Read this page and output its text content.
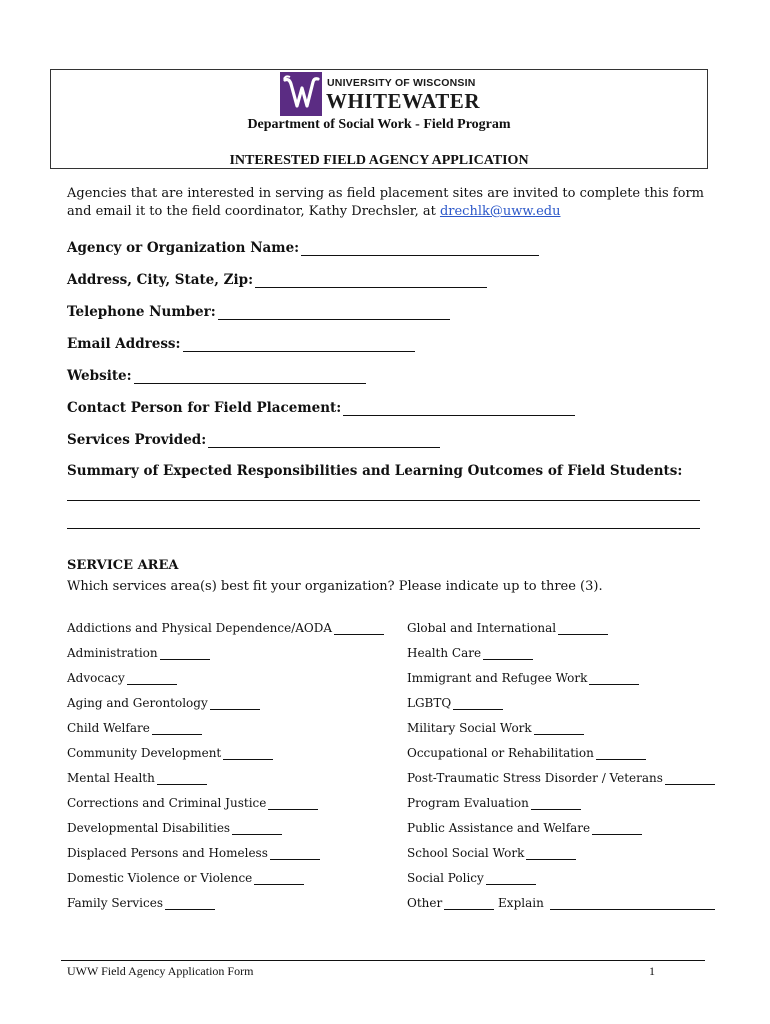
UNIVERSITY OF WISCONSIN
WHITEWATER
Department of Social Work - Field Program
INTERESTED FIELD AGENCY APPLICATION
Agencies that are interested in serving as field placement sites are invited to complete this form and email it to the field coordinator, Kathy Drechsler, at drechlk@uww.edu
Agency or Organization Name:
Address, City, State, Zip:
Telephone Number:
Email Address:
Website:
Contact Person for Field Placement:
Services Provided:
Summary of Expected Responsibilities and Learning Outcomes of Field Students:
SERVICE AREA
Which services area(s) best fit your organization? Please indicate up to three (3).
Addictions and Physical Dependence/AODA
Administration
Advocacy
Aging and Gerontology
Child Welfare
Community Development
Mental Health
Corrections and Criminal Justice
Developmental Disabilities
Displaced Persons and Homeless
Domestic Violence or Violence
Family Services
Global and International
Health Care
Immigrant and Refugee Work
LGBTQ
Military Social Work
Occupational or Rehabilitation
Post-Traumatic Stress Disorder / Veterans
Program Evaluation
Public Assistance and Welfare
School Social Work
Social Policy
Other	Explain
UWW Field Agency Application Form	1
